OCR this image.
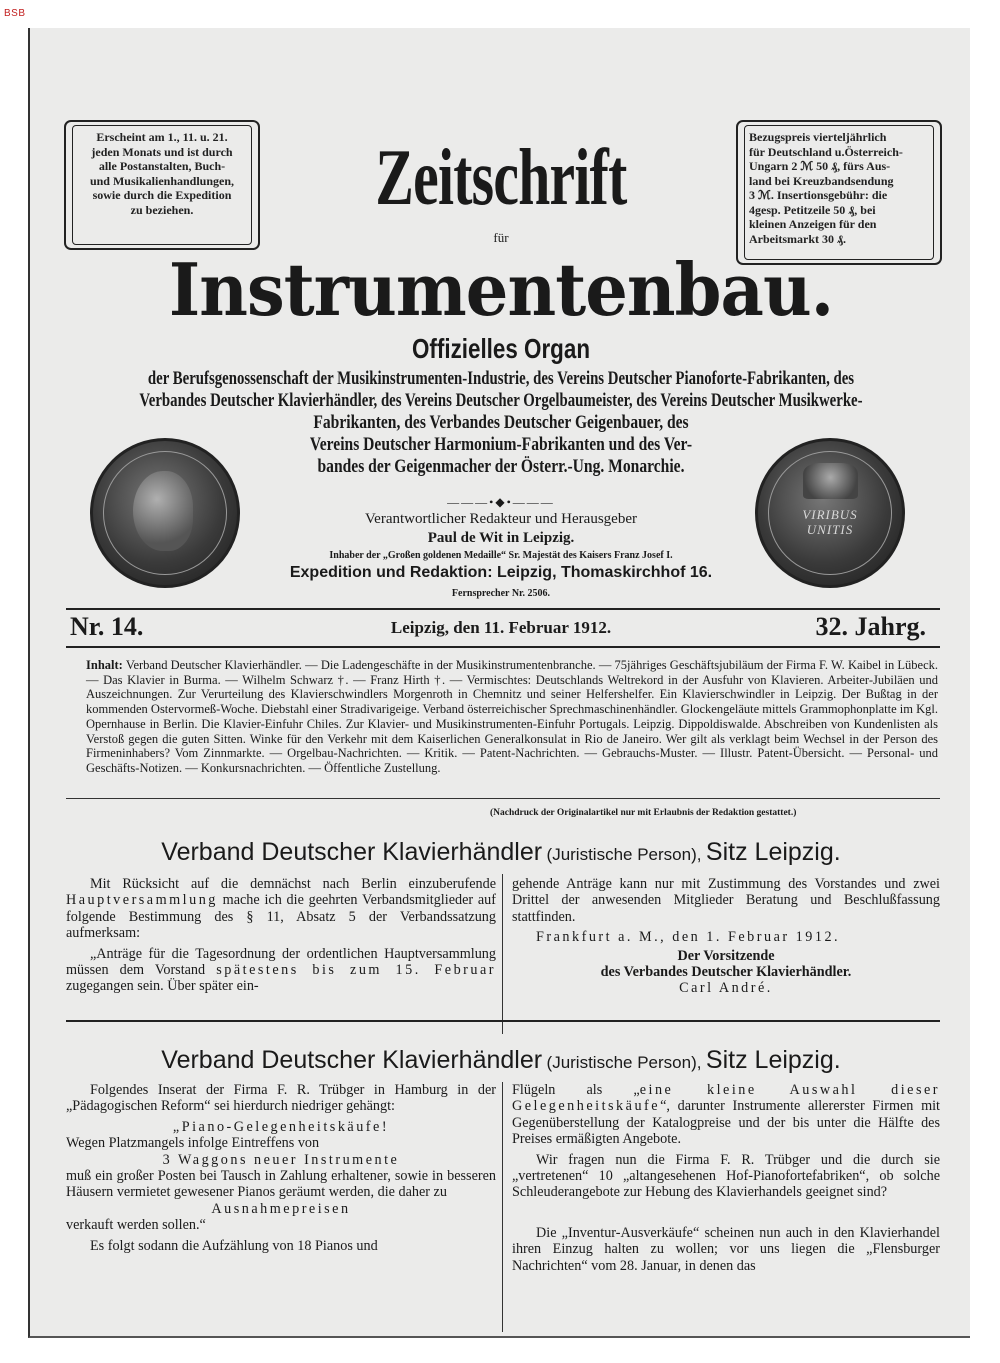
BSB
Erscheint am 1., 11. u. 21.
jeden Monats und ist durch
alle Postanstalten, Buch-
und Musikalienhandlungen,
sowie durch die Expedition
zu beziehen.
Bezugspreis vierteljährlich
für Deutschland u.Österreich-
Ungarn 2 ℳ 50 ₰, fürs Aus-
land bei Kreuzbandsendung
3 ℳ. Insertionsgebühr: die
4gesp. Petitzeile 50 ₰, bei
kleinen Anzeigen für den
Arbeitsmarkt 30 ₰.
Zeitschrift
für
Instrumentenbau.
Offizielles Organ
der Berufsgenossenschaft der Musikinstrumenten-Industrie, des Vereins Deutscher Pianoforte-Fabrikanten, des
Verbandes Deutscher Klavierhändler, des Vereins Deutscher Orgelbaumeister, des Vereins Deutscher Musikwerke-
Fabrikanten, des Verbandes Deutscher Geigenbauer, des
Vereins Deutscher Harmonium-Fabrikanten und des Ver-
bandes der Geigenmacher der Österr.-Ung. Monarchie.
VIRIBUS
UNITIS
———•◆•———
Verantwortlicher Redakteur und Herausgeber
Paul de Wit in Leipzig.
Inhaber der „Großen goldenen Medaille“ Sr. Majestät des Kaisers Franz Josef I.
Expedition und Redaktion: Leipzig, Thomaskirchhof 16.
Fernsprecher Nr. 2506.
Nr. 14.	Leipzig, den 11. Februar 1912.	32. Jahrg.
Inhalt: Verband Deutscher Klavierhändler. — Die Ladengeschäfte in der Musikinstrumentenbranche. — 75jähriges Geschäftsjubiläum der Firma F. W. Kaibel in Lübeck. — Das Klavier in Burma. — Wilhelm Schwarz †. — Franz Hirth †. — Vermischtes: Deutschlands Weltrekord in der Ausfuhr von Klavieren. Arbeiter-Jubiläen und Auszeichnungen. Zur Verurteilung des Klavierschwindlers Morgenroth in Chemnitz und seiner Helfershelfer. Ein Klavierschwindler in Leipzig. Der Bußtag in der kommenden Ostervormeß-Woche. Diebstahl einer Stradivarigeige. Verband österreichischer Sprechmaschinenhändler. Glockengeläute mittels Grammophonplatte im Kgl. Opernhause in Berlin. Die Klavier-Einfuhr Chiles. Zur Klavier- und Musikinstrumenten-Einfuhr Portugals. Leipzig. Dippoldiswalde. Abschreiben von Kundenlisten als Verstoß gegen die guten Sitten. Winke für den Verkehr mit dem Kaiserlichen Generalkonsulat in Rio de Janeiro. Wer gilt als verklagt beim Wechsel in der Person des Firmeninhabers? Vom Zinnmarkte. — Orgelbau-Nachrichten. — Kritik. — Patent-Nachrichten. — Gebrauchs-Muster. — Illustr. Patent-Übersicht. — Personal- und Geschäfts-Notizen. — Konkursnachrichten. — Öffentliche Zustellung.
(Nachdruck der Originalartikel nur mit Erlaubnis der Redaktion gestattet.)
Verband Deutscher Klavierhändler (Juristische Person), Sitz Leipzig.

Mit Rücksicht auf die demnächst nach Berlin einzuberufende Hauptversammlung mache ich die geehrten Verbandsmitglieder auf folgende Bestimmung des § 11, Absatz 5 der Verbandssatzung aufmerksam:

„Anträge für die Tagesordnung der ordentlichen Hauptversammlung müssen dem Vorstand spätestens bis zum 15. Februar zugegangen sein. Über später ein-

gehende Anträge kann nur mit Zustimmung des Vorstandes und zwei Drittel der anwesenden Mitglieder Beratung und Beschlußfassung stattfinden.

Frankfurt a. M., den 1. Februar 1912.

Der Vorsitzende

des Verbandes Deutscher Klavierhändler.

Carl André.

Verband Deutscher Klavierhändler (Juristische Person), Sitz Leipzig.

Folgendes Inserat der Firma F. R. Trübger in Hamburg in der „Pädagogischen Reform“ sei hierdurch niedriger gehängt:

„Piano-Gelegenheitskäufe!

Wegen Platzmangels infolge Eintreffens von

3 Waggons neuer Instrumente

muß ein großer Posten bei Tausch in Zahlung erhaltener, sowie in besseren Häusern vermietet gewesener Pianos geräumt werden, die daher zu

Ausnahmepreisen

verkauft werden sollen.“

Es folgt sodann die Aufzählung von 18 Pianos und

Flügeln als „eine kleine Auswahl dieser Gelegenheitskäufe“, darunter Instrumente allererster Firmen mit Gegenüberstellung der Katalogpreise und der bis unter die Hälfte des Preises ermäßigten Angebote.

Wir fragen nun die Firma F. R. Trübger und die durch sie „vertretenen“ 10 „altangesehenen Hof-Pianofortefabriken“, ob solche Schleuderangebote zur Hebung des Klavierhandels geeignet sind?

Die „Inventur-Ausverkäufe“ scheinen nun auch in den Klavierhandel ihren Einzug halten zu wollen; vor uns liegen die „Flensburger Nachrichten“ vom 28. Januar, in denen das
